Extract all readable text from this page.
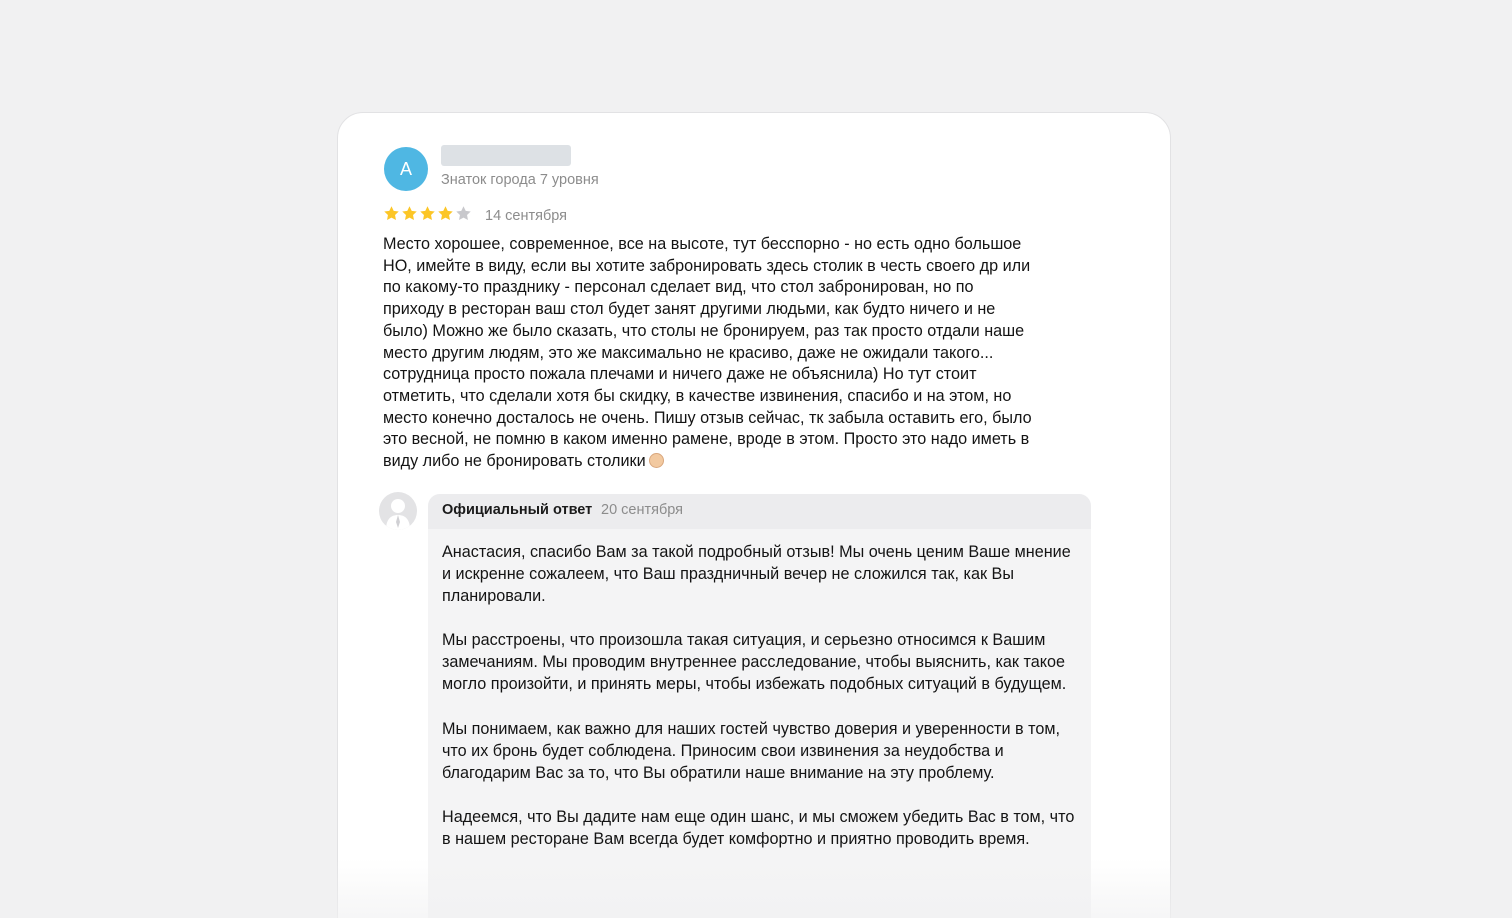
А
Знаток города 7 уровня
14 сентября
Место хорошее, современное, все на высоте, тут бесспорно - но есть одно большое
НО, имейте в виду, если вы хотите забронировать здесь столик в честь своего др или
по какому-то празднику - персонал сделает вид, что стол забронирован, но по
приходу в ресторан ваш стол будет занят другими людьми, как будто ничего и не
было) Можно же было сказать, что столы не бронируем, раз так просто отдали наше
место другим людям, это же максимально не красиво, даже не ожидали такого...
сотрудница просто пожала плечами и ничего даже не объяснила) Но тут стоит
отметить, что сделали хотя бы скидку, в качестве извинения, спасибо и на этом, но
место конечно досталось не очень. Пишу отзыв сейчас, тк забыла оставить его, было
это весной, не помню в каком именно рамене, вроде в этом. Просто это надо иметь в
виду либо не бронировать столики
Официальный ответ 20 сентября

Анастасия, спасибо Вам за такой подробный отзыв! Мы очень ценим Ваше мнение и искренне сожалеем, что Ваш праздничный вечер не сложился так, как Вы планировали.

Мы расстроены, что произошла такая ситуация, и серьезно относимся к Вашим замечаниям. Мы проводим внутреннее расследование, чтобы выяснить, как такое могло произойти, и принять меры, чтобы избежать подобных ситуаций в будущем.

Мы понимаем, как важно для наших гостей чувство доверия и уверенности в том, что их бронь будет соблюдена. Приносим свои извинения за неудобства и благодарим Вас за то, что Вы обратили наше внимание на эту проблему.

Надеемся, что Вы дадите нам еще один шанс, и мы сможем убедить Вас в том, что в нашем ресторане Вам всегда будет комфортно и приятно проводить время.
